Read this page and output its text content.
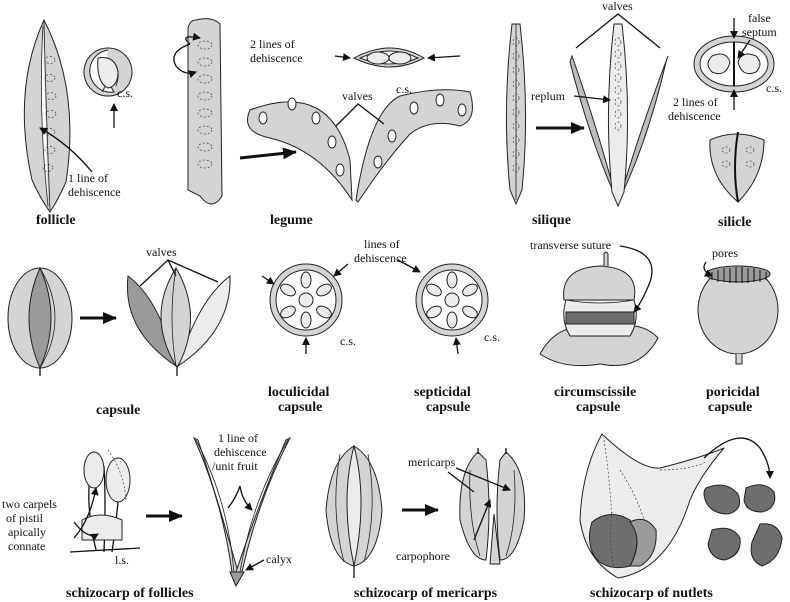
c.s.
1 line of
dehiscence
follicle
2 lines of
dehiscence
c.s.
valves
legume
valves
replum
silique
false
septum
c.s.
2 lines of
dehiscence
silicle
valves
capsule
c.s.
loculicidal
capsule
lines of
dehiscence
c.s.
septicidal
capsule
transverse suture
circumscissile
capsule
pores
poricidal
capsule
two carpels
of pistil
apically
connate
l.s.
1 line of
dehiscence
/unit fruit
calyx
schizocarp of follicles
mericarps
carpophore
schizocarp of mericarps	schizocarp of nutlets
